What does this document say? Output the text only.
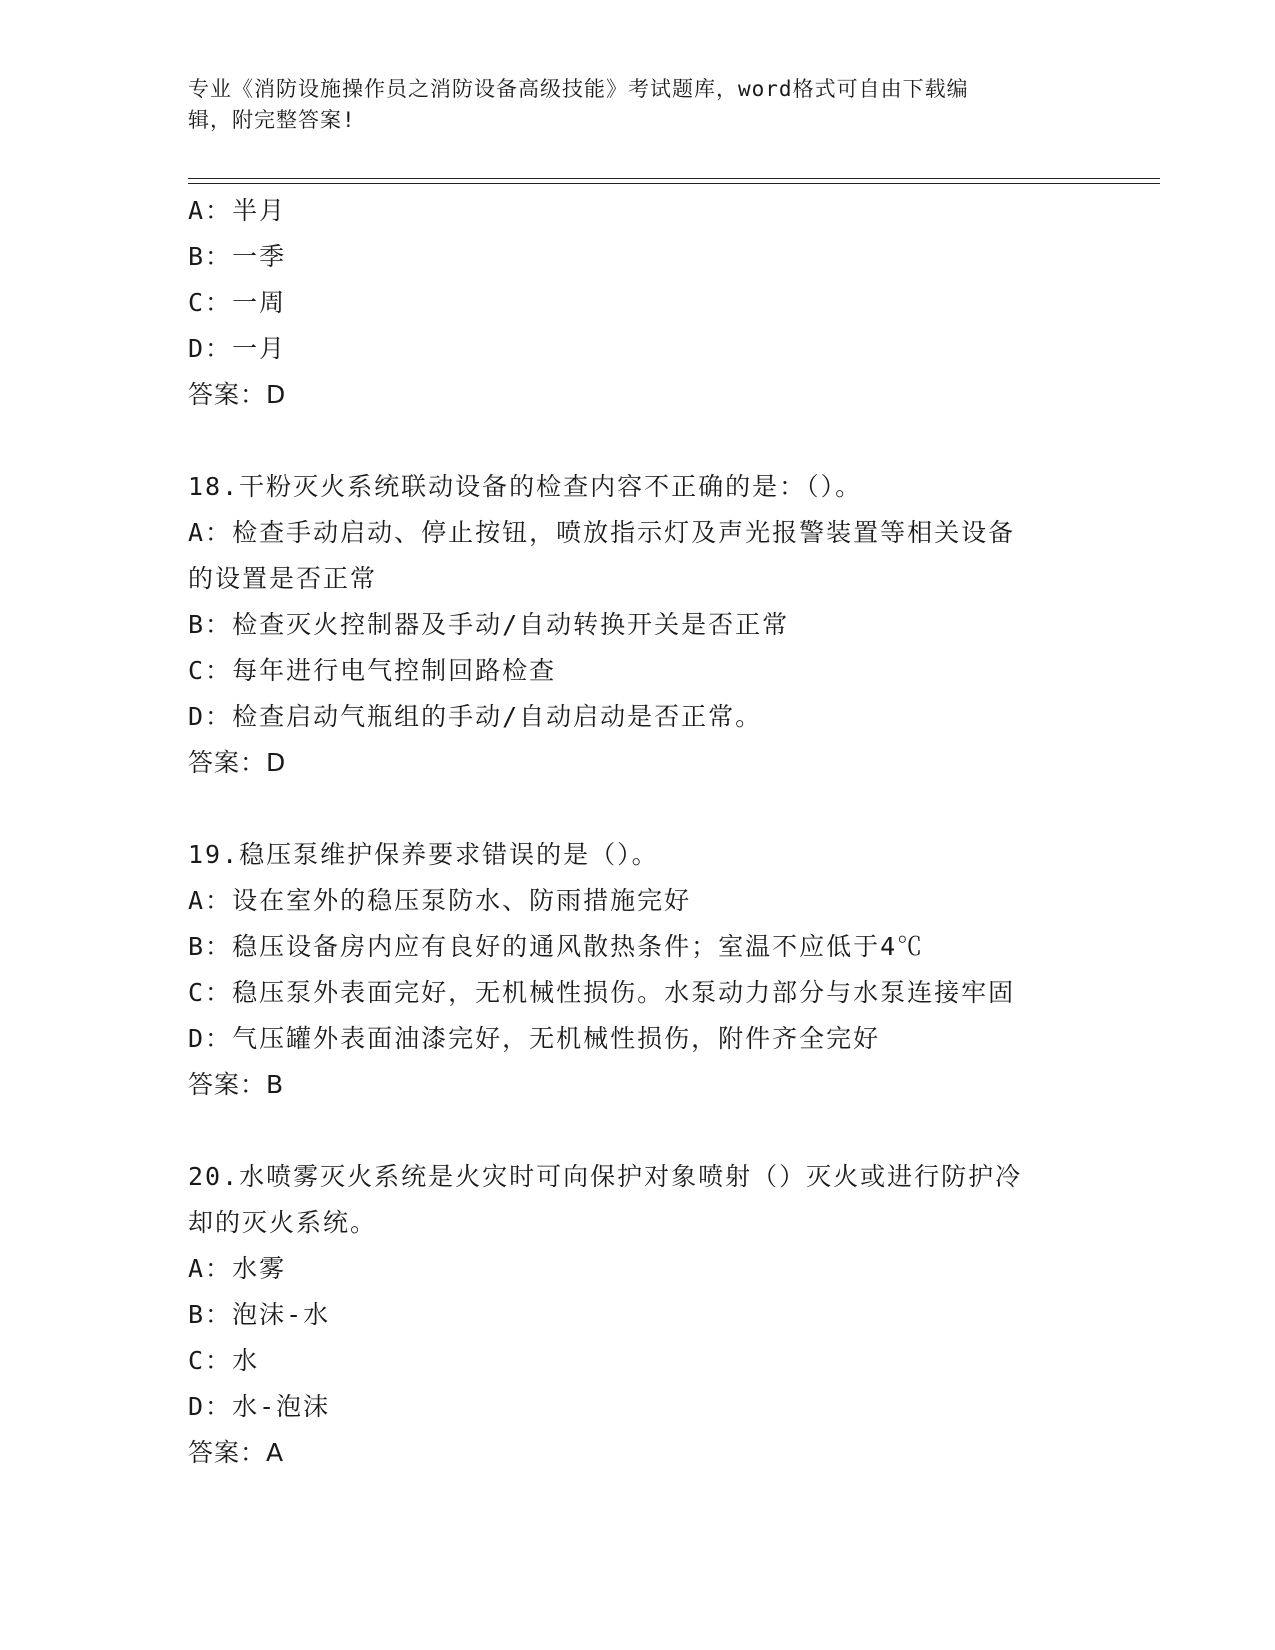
专业《消防设施操作员之消防设备高级技能》考试题库，word格式可自由下载编
辑，附完整答案!
A：半月
B：一季
C：一周
D：一月
答案：D
18.干粉灭火系统联动设备的检查内容不正确的是：（）。
A：检查手动启动、停止按钮，喷放指示灯及声光报警装置等相关设备
的设置是否正常
B：检查灭火控制器及手动/自动转换开关是否正常
C：每年进行电气控制回路检查
D：检查启动气瓶组的手动/自动启动是否正常。
答案：D
19.稳压泵维护保养要求错误的是（）。
A：设在室外的稳压泵防水、防雨措施完好
B：稳压设备房内应有良好的通风散热条件；室温不应低于4℃
C：稳压泵外表面完好，无机械性损伤。水泵动力部分与水泵连接牢固
D：气压罐外表面油漆完好，无机械性损伤，附件齐全完好
答案：B
20.水喷雾灭火系统是火灾时可向保护对象喷射（）灭火或进行防护冷
却的灭火系统。
A：水雾
B：泡沫-水
C：水
D：水-泡沫
答案：A
